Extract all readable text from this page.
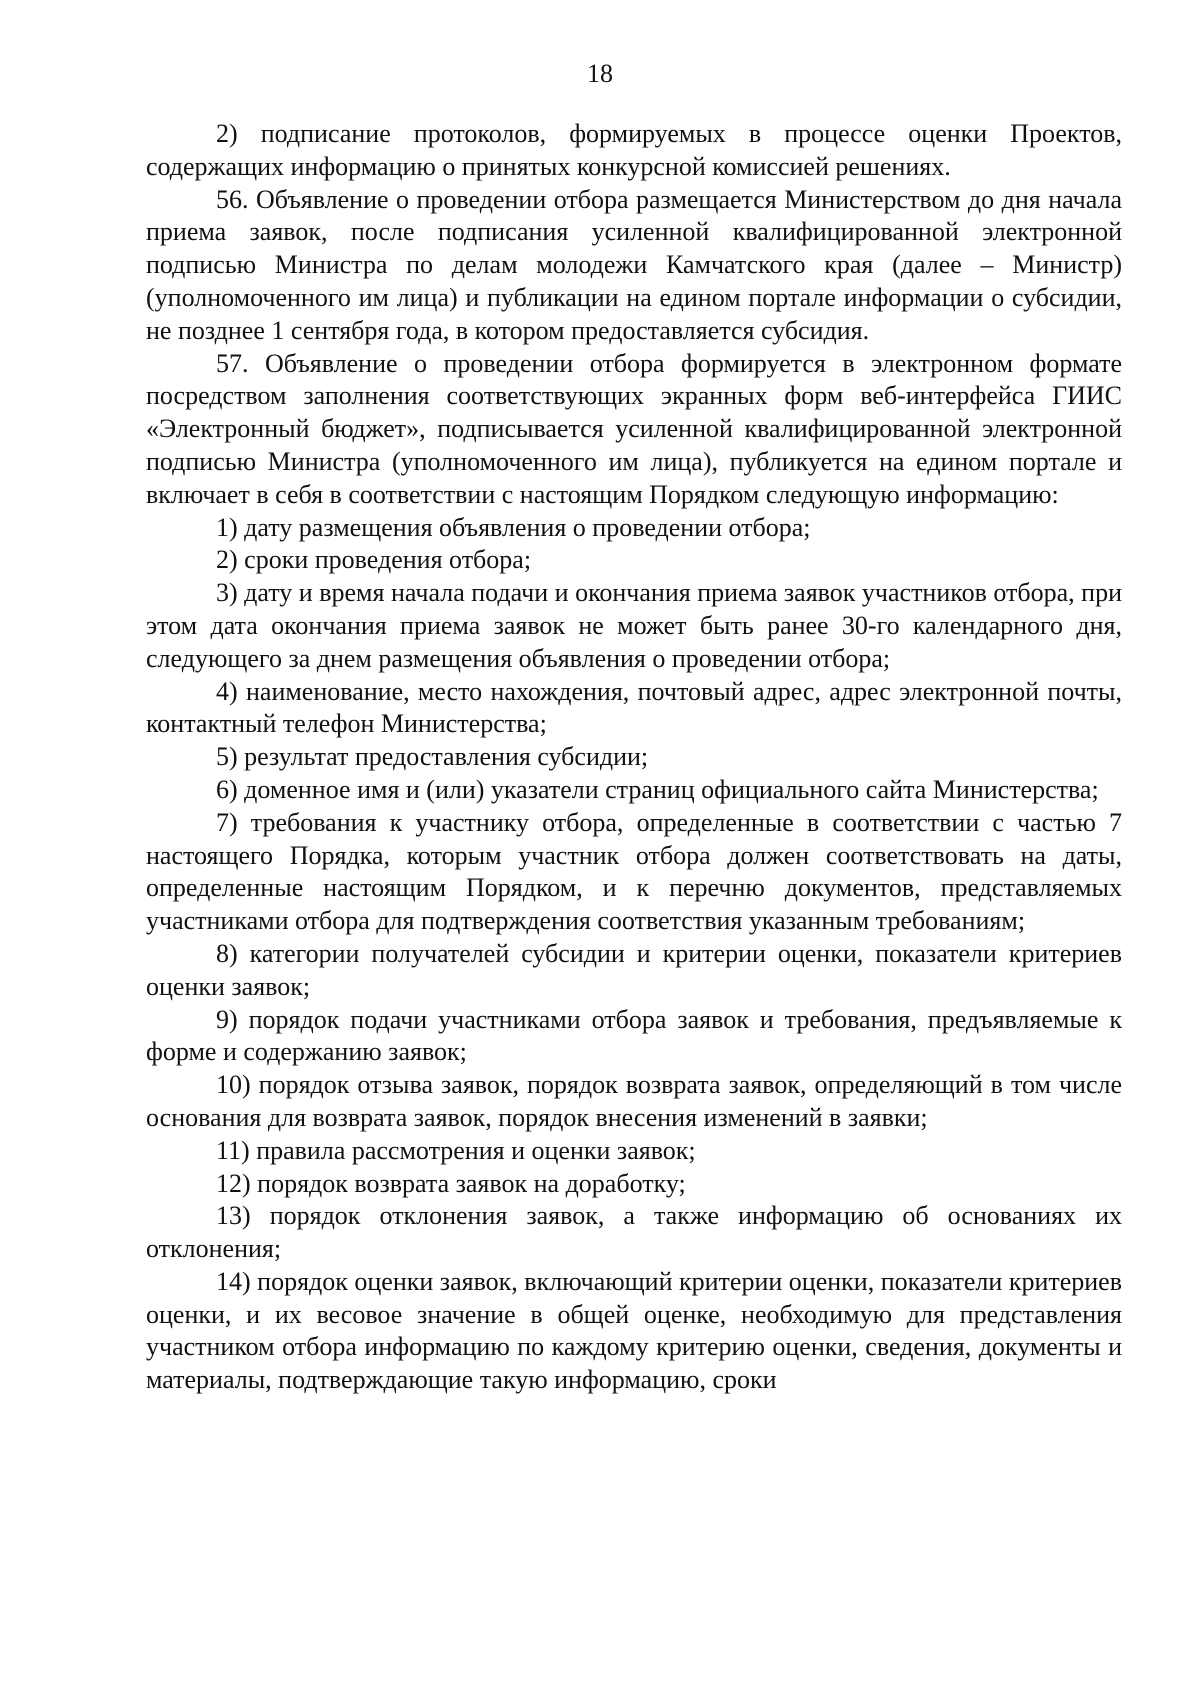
18

2) подписание протоколов, формируемых в процессе оценки Проектов, содержащих информацию о принятых конкурсной комиссией решениях.

56. Объявление о проведении отбора размещается Министерством до дня начала приема заявок, после подписания усиленной квалифицированной электронной подписью Министра по делам молодежи Камчатского края (далее – Министр) (уполномоченного им лица) и публикации на едином портале информации о субсидии, не позднее 1 сентября года, в котором предоставляется субсидия.

57. Объявление о проведении отбора формируется в электронном формате посредством заполнения соответствующих экранных форм веб-интерфейса ГИИС «Электронный бюджет», подписывается усиленной квалифицированной электронной подписью Министра (уполномоченного им лица), публикуется на едином портале и включает в себя в соответствии с настоящим Порядком следующую информацию:

1) дату размещения объявления о проведении отбора;

2) сроки проведения отбора;

3) дату и время начала подачи и окончания приема заявок участников отбора, при этом дата окончания приема заявок не может быть ранее 30-го календарного дня, следующего за днем размещения объявления о проведении отбора;

4) наименование, место нахождения, почтовый адрес, адрес электронной почты, контактный телефон Министерства;

5) результат предоставления субсидии;

6) доменное имя и (или) указатели страниц официального сайта Министерства;

7) требования к участнику отбора, определенные в соответствии с частью 7 настоящего Порядка, которым участник отбора должен соответствовать на даты, определенные настоящим Порядком, и к перечню документов, представляемых участниками отбора для подтверждения соответствия указанным требованиям;

8) категории получателей субсидии и критерии оценки, показатели критериев оценки заявок;

9) порядок подачи участниками отбора заявок и требования, предъявляемые к форме и содержанию заявок;

10) порядок отзыва заявок, порядок возврата заявок, определяющий в том числе основания для возврата заявок, порядок внесения изменений в заявки;

11) правила рассмотрения и оценки заявок;

12) порядок возврата заявок на доработку;

13) порядок отклонения заявок, а также информацию об основаниях их отклонения;

14) порядок оценки заявок, включающий критерии оценки, показатели критериев оценки, и их весовое значение в общей оценке, необходимую для представления участником отбора информацию по каждому критерию оценки, сведения, документы и материалы, подтверждающие такую информацию, сроки
